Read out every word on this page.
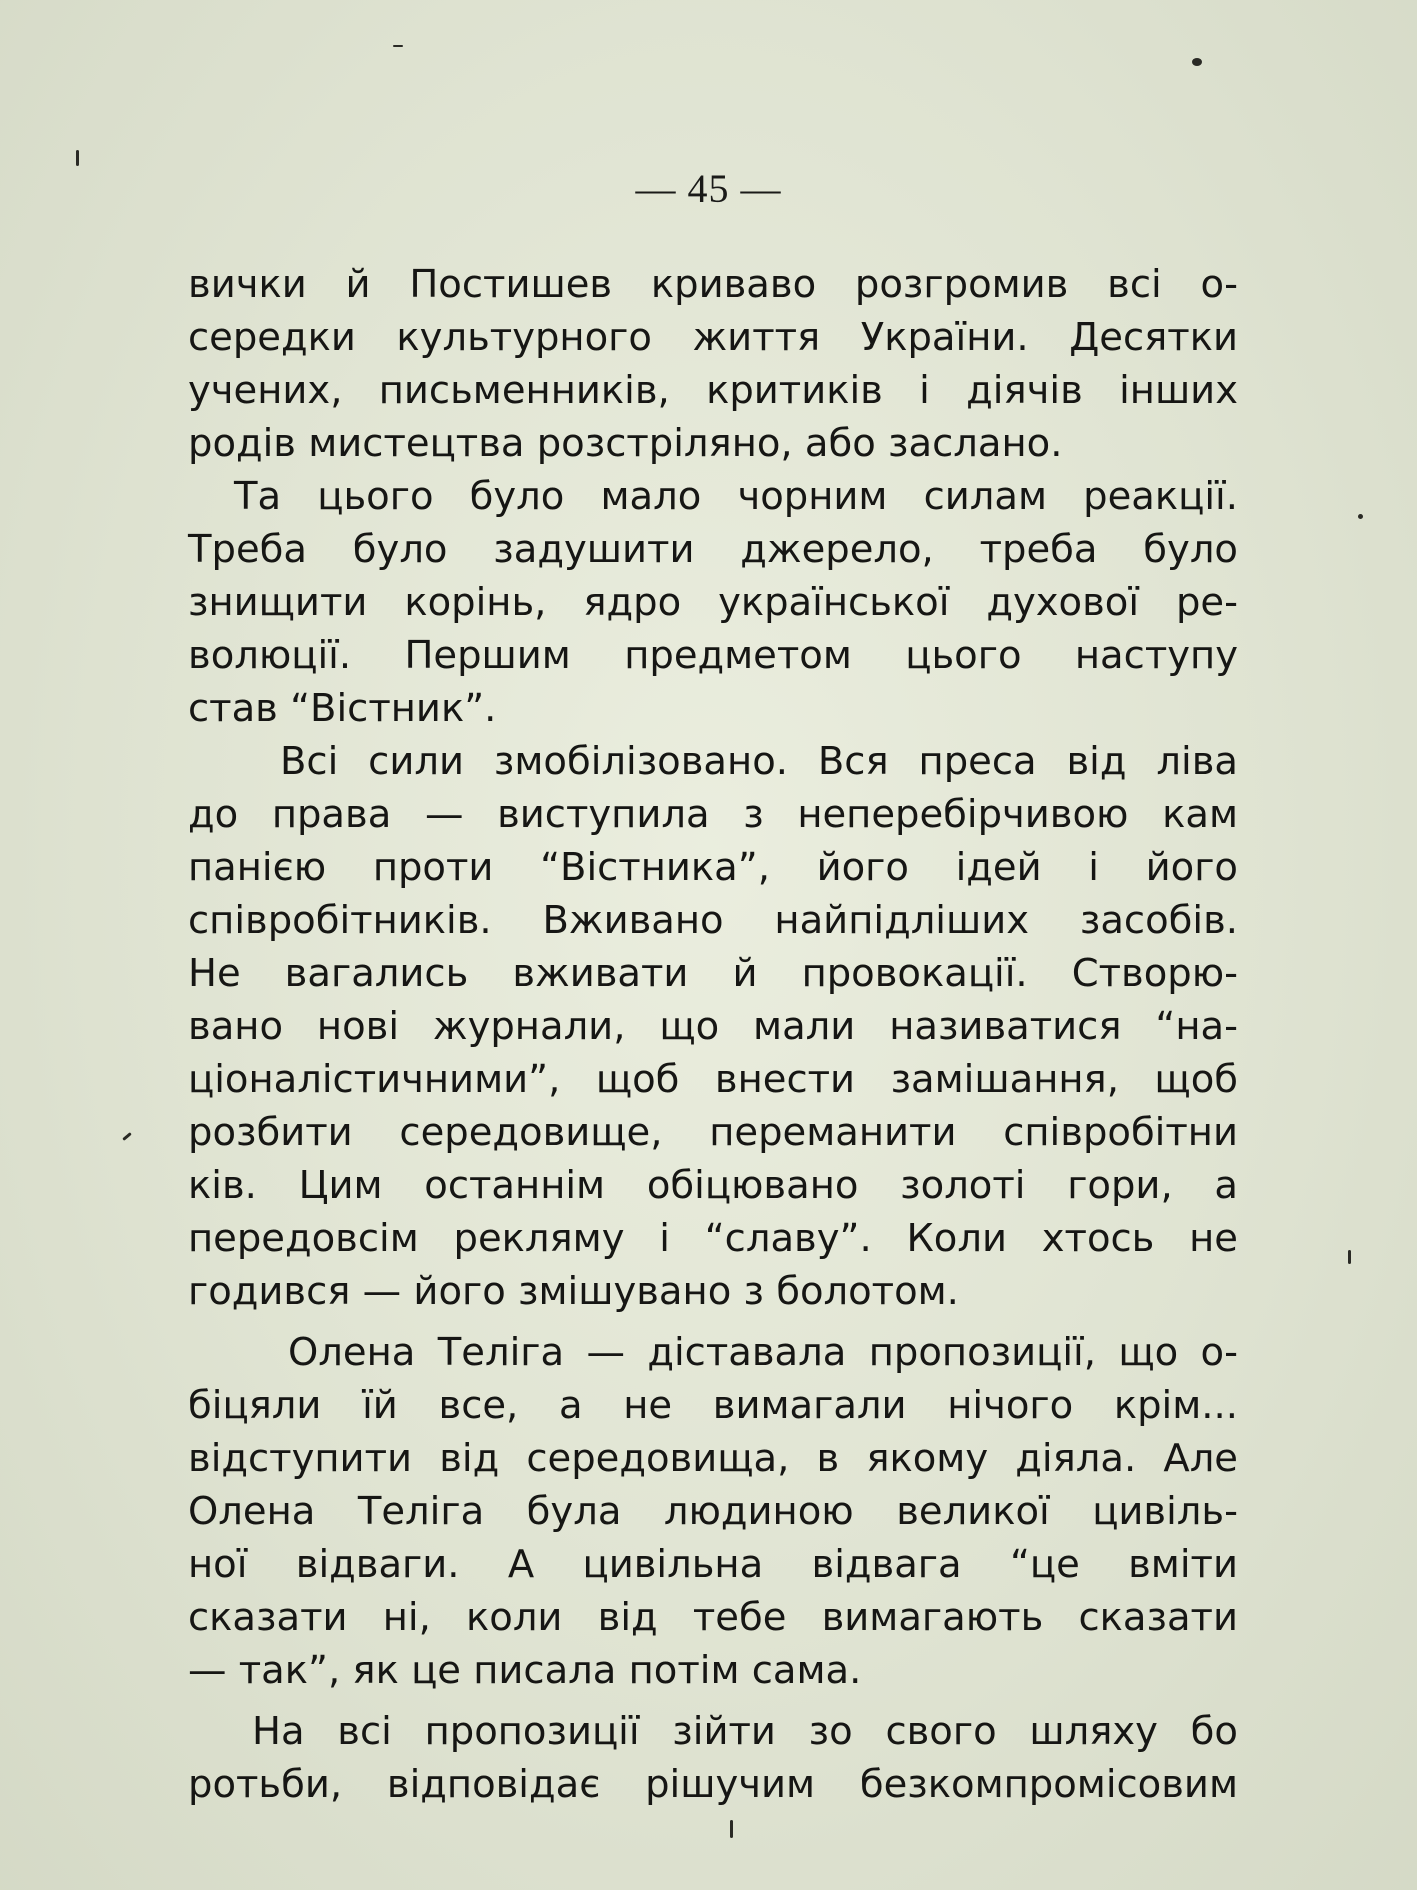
— 45 —
вички й Постишев криваво розгромив всі о-
середки культурного життя України. Десятки
учених, письменників, критиків і діячів інших
родів мистецтва розстріляно, або заслано.
Та цього було мало чорним силам реакції.
Треба було задушити джерело, треба було
знищити корінь, ядро української духової ре-
волюції. Першим предметом цього наступу
став “Вістник”.
Всі сили змобілізовано. Вся преса від ліва
до права — виступила з неперебірчивою кам
панією проти “Вістника”, його ідей і його
співробітників. Вживано найпідліших засобів.
Не вагались вживати й провокації. Створю-
вано нові журнали, що мали називатися “на-
ціоналістичними”, щоб внести замішання, щоб
розбити середовище, переманити співробітни
ків. Цим останнім обіцювано золоті гори, а
передовсім рекляму і “славу”. Коли хтось не
годився — його змішувано з болотом.
Олена Теліга — діставала пропозиції, що о-
біцяли їй все, а не вимагали нічого крім...
відступити від середовища, в якому діяла. Але
Олена Теліга була людиною великої цивіль-
ної відваги. А цивільна відвага “це вміти
сказати ні, коли від тебе вимагають сказати
— так”, як це писала потім сама.
На всі пропозиції зійти зо свого шляху бо
ротьби, відповідає рішучим безкомпромісовим
